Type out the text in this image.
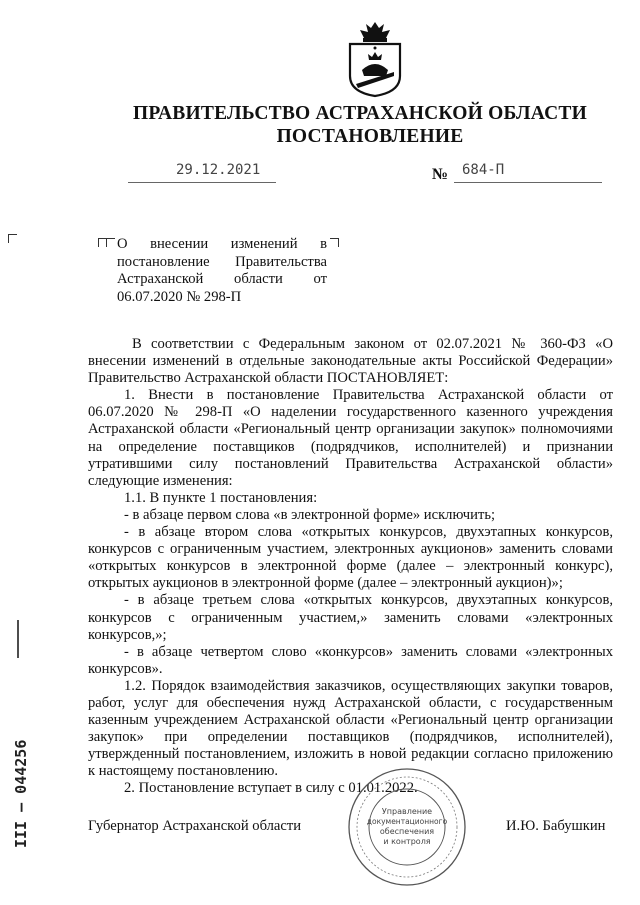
ПРАВИТЕЛЬСТВО АСТРАХАНСКОЙ ОБЛАСТИ
ПОСТАНОВЛЕНИЕ
29.12.2021	№ 684-П
О внесении изменений в постановление Правительства Астраханской области от 06.07.2020 № 298-П

В соответствии с Федеральным законом от 02.07.2021 № 360-ФЗ «О внесении изменений в отдельные законодательные акты Российской Федерации» Правительство Астраханской области ПОСТАНОВЛЯЕТ:

1. Внести в постановление Правительства Астраханской области от 06.07.2020 № 298-П «О наделении государственного казенного учреждения Астраханской области «Региональный центр организации закупок» полномочиями на определение поставщиков (подрядчиков, исполнителей) и признании утратившими силу постановлений Правительства Астраханской области» следующие изменения:

1.1. В пункте 1 постановления:

- в абзаце первом слова «в электронной форме» исключить;

- в абзаце втором слова «открытых конкурсов, двухэтапных конкурсов, конкурсов с ограниченным участием, электронных аукционов» заменить словами «открытых конкурсов в электронной форме (далее – электронный конкурс), открытых аукционов в электронной форме (далее – электронный аукцион)»;

- в абзаце третьем слова «открытых конкурсов, двухэтапных конкурсов, конкурсов с ограниченным участием,» заменить словами «электронных конкурсов,»;

- в абзаце четвертом слово «конкурсов» заменить словами «электронных конкурсов».

1.2. Порядок взаимодействия заказчиков, осуществляющих закупки товаров, работ, услуг для обеспечения нужд Астраханской области, с государственным казенным учреждением Астраханской области «Региональный центр организации закупок» при определении поставщиков (подрядчиков, исполнителей), утвержденный постановлением, изложить в новой редакции согласно приложению к настоящему постановлению.

2. Постановление вступает в силу с 01.01.2022.

Управление
документационного
обеспечения
и контроля
Губернатор Астраханской области	И.Ю. Бабушкин
III – 044256
